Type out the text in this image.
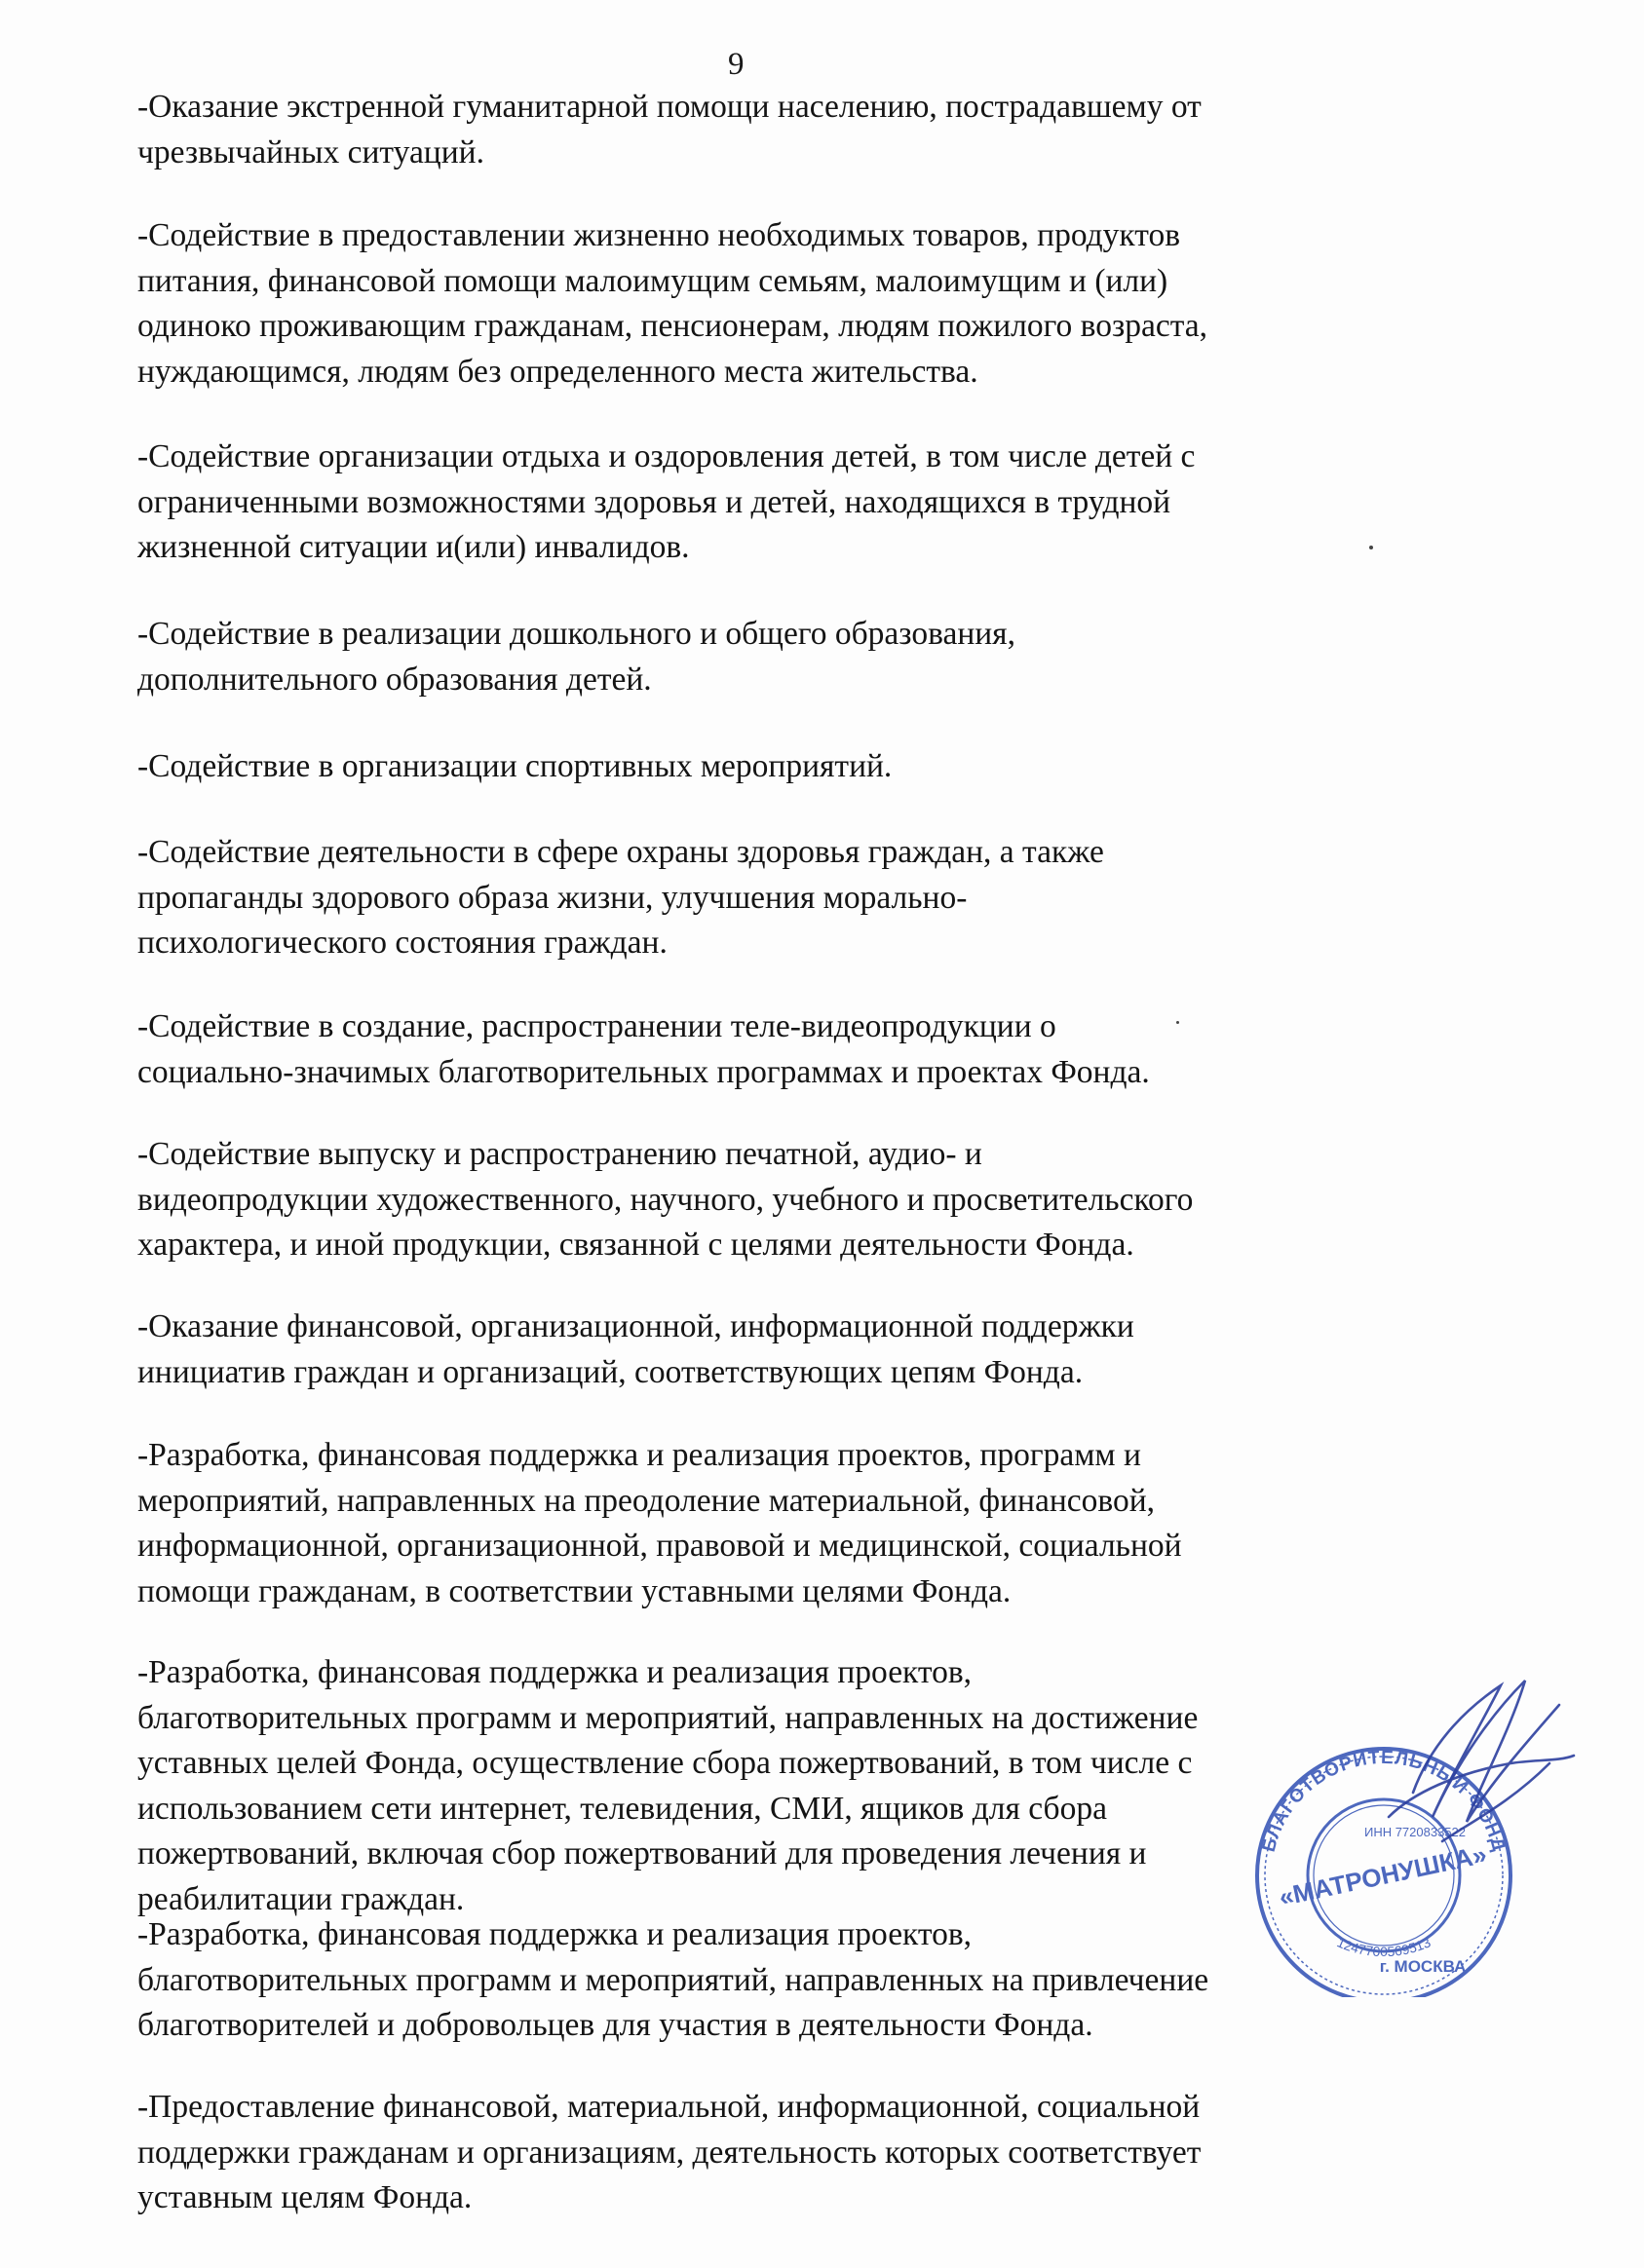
9
-Оказание экстренной гуманитарной помощи населению, пострадавшему от
чрезвычайных ситуаций.
-Содействие в предоставлении жизненно необходимых товаров, продуктов
питания, финансовой помощи малоимущим семьям, малоимущим и (или)
одиноко проживающим гражданам, пенсионерам, людям пожилого возраста,
нуждающимся, людям без определенного места жительства.
-Содействие организации отдыха и оздоровления детей, в том числе детей с
ограниченными возможностями здоровья и детей, находящихся в трудной
жизненной ситуации и(или) инвалидов.
-Содействие в реализации дошкольного и общего образования,
дополнительного образования детей.
-Содействие в организации спортивных мероприятий.
-Содействие деятельности в сфере охраны здоровья граждан, а также
пропаганды здорового образа жизни, улучшения морально-
психологического состояния граждан.
-Содействие в создание, распространении теле-видеопродукции о
социально-значимых благотворительных программах и проектах Фонда.
-Содействие выпуску и распространению печатной, аудио- и
видеопродукции художественного, научного, учебного и просветительского
характера, и иной продукции, связанной с целями деятельности Фонда.
-Оказание финансовой, организационной, информационной поддержки
инициатив граждан и организаций, соответствующих цепям Фонда.
-Разработка, финансовая поддержка и реализация проектов, программ и
мероприятий, направленных на преодоление материальной, финансовой,
информационной, организационной, правовой и медицинской, социальной
помощи гражданам, в соответствии уставными целями Фонда.
-Разработка, финансовая поддержка и реализация проектов,
благотворительных программ и мероприятий, направленных на достижение
уставных целей Фонда, осуществление сбора пожертвований, в том числе с
использованием сети интернет, телевидения, СМИ, ящиков для сбора
пожертвований, включая сбор пожертвований для проведения лечения и
реабилитации граждан.
-Разработка, финансовая поддержка и реализация проектов,
благотворительных программ и мероприятий, направленных на привлечение
благотворителей и добровольцев для участия в деятельности Фонда.
-Предоставление финансовой, материальной, информационной, социальной
поддержки гражданам и организациям, деятельность которых соответствует
уставным целям Фонда.
БЛАГОТВОРИТЕЛЬНЫЙ ФОНД
1247700569513
ИНН 7720833522
«МАТРОНУШКА»
г. МОСКВА
